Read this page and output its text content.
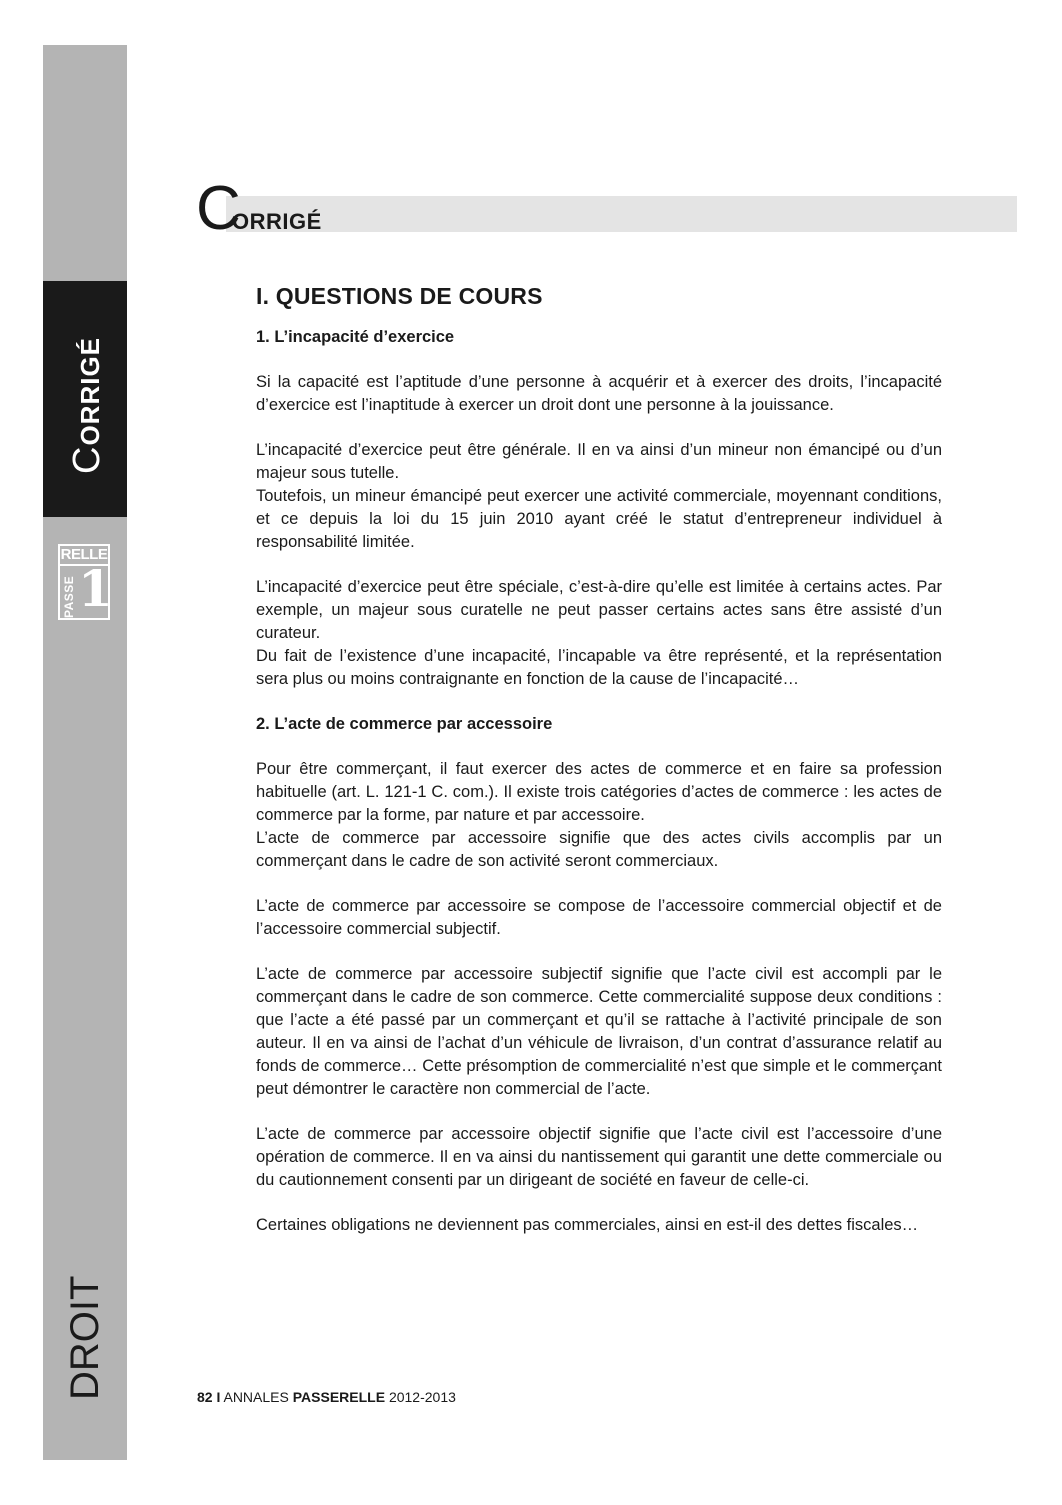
CORRIGÉ
RELLE
PASSE 1
DROIT
C
ORRIGÉ
I. QUESTIONS DE COURS
1. L’incapacité d’exercice

Si la capacité est l’aptitude d’une personne à acquérir et à exercer des droits, l’incapacité d’exercice est l’inaptitude à exercer un droit dont une personne à la jouissance.

L’incapacité d’exercice peut être générale. Il en va ainsi d’un mineur non émancipé ou d’un majeur sous tutelle.

Toutefois, un mineur émancipé peut exercer une activité commerciale, moyennant conditions, et ce depuis la loi du 15 juin 2010 ayant créé le statut d’entrepreneur individuel à responsabilité limitée.

L’incapacité d’exercice peut être spéciale, c’est-à-dire qu’elle est limitée à certains actes. Par exemple, un majeur sous curatelle ne peut passer certains actes sans être assisté d’un curateur.

Du fait de l’existence d’une incapacité, l’incapable va être représenté, et la représentation sera plus ou moins contraignante en fonction de la cause de l’incapacité…

2. L’acte de commerce par accessoire

Pour être commerçant, il faut exercer des actes de commerce et en faire sa profession habituelle (art. L. 121-1 C. com.). Il existe trois catégories d’actes de commerce : les actes de commerce par la forme, par nature et par accessoire.

L’acte de commerce par accessoire signifie que des actes civils accomplis par un commerçant dans le cadre de son activité seront commerciaux.

L’acte de commerce par accessoire se compose de l’accessoire commercial objectif et de l’accessoire commercial subjectif.

L’acte de commerce par accessoire subjectif signifie que l’acte civil est accompli par le commerçant dans le cadre de son commerce. Cette commercialité suppose deux conditions : que l’acte a été passé par un commerçant et qu’il se rattache à l’activité principale de son auteur. Il en va ainsi de l’achat d’un véhicule de livraison, d’un contrat d’assurance relatif au fonds de commerce… Cette présomption de commercialité n’est que simple et le commerçant peut démontrer le caractère non commercial de l’acte.

L’acte de commerce par accessoire objectif signifie que l’acte civil est l’accessoire d’une opération de commerce. Il en va ainsi du nantissement qui garantit une dette commerciale ou du cautionnement consenti par un dirigeant de société en faveur de celle-ci.

Certaines obligations ne deviennent pas commerciales, ainsi en est-il des dettes fiscales…

82 I ANNALES PASSERELLE 2012-2013
